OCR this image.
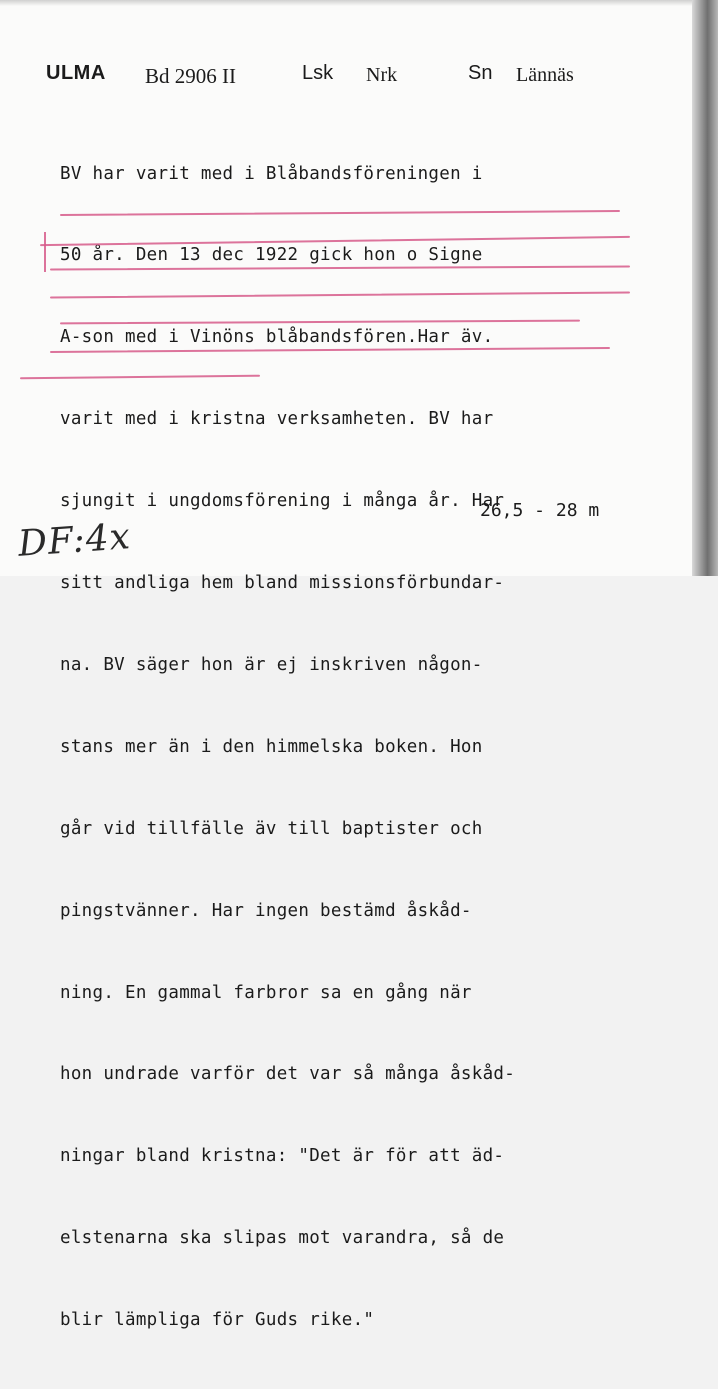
ULMA Bd 2906 II	Lsk Nrk	Sn Lännäs

BV har varit med i Blåbandsföreningen i

50 år. Den 13 dec 1922 gick hon o Signe

A-son med i Vinöns blåbandsfören.Har äv.

varit med i kristna verksamheten. BV har

sjungit i ungdomsförening i många år. Har

sitt andliga hem bland missionsförbundar-

na. BV säger hon är ej inskriven någon-

stans mer än i den himmelska boken. Hon

går vid tillfälle äv till baptister och

pingstvänner. Har ingen bestämd åskåd-

ning. En gammal farbror sa en gång när

hon undrade varför det var så många åskåd-

ningar bland kristna: "Det är för att äd-

elstenarna ska slipas mot varandra, så de

blir lämpliga för Guds rike."

26,5 - 28 m
DF:4x
